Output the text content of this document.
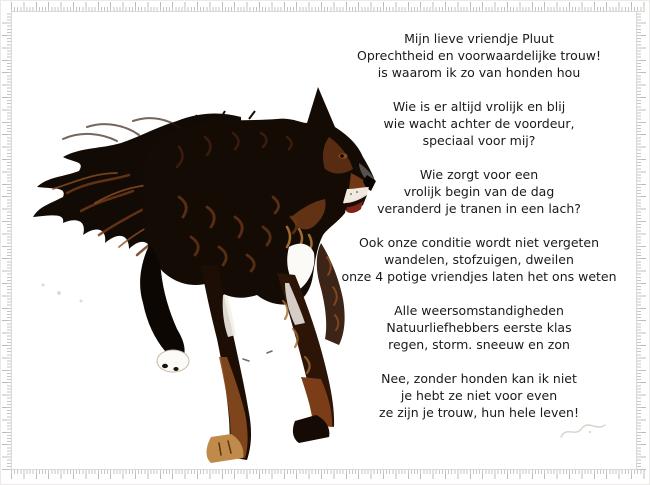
Mijn lieve vriendje Pluut
Oprechtheid en voorwaardelijke trouw!
is waarom ik zo van honden hou
Wie is er altijd vrolijk en blij
wie wacht achter de voordeur,
speciaal voor mij?
Wie zorgt voor een
vrolijk begin van de dag
veranderd je tranen in een lach?
Ook onze conditie wordt niet vergeten
wandelen, stofzuigen, dweilen
onze 4 potige vriendjes laten het ons weten
Alle weersomstandigheden
Natuurliefhebbers eerste klas
regen, storm. sneeuw en zon
Nee, zonder honden kan ik niet
je hebt ze niet voor even
ze zijn je trouw, hun hele leven!
